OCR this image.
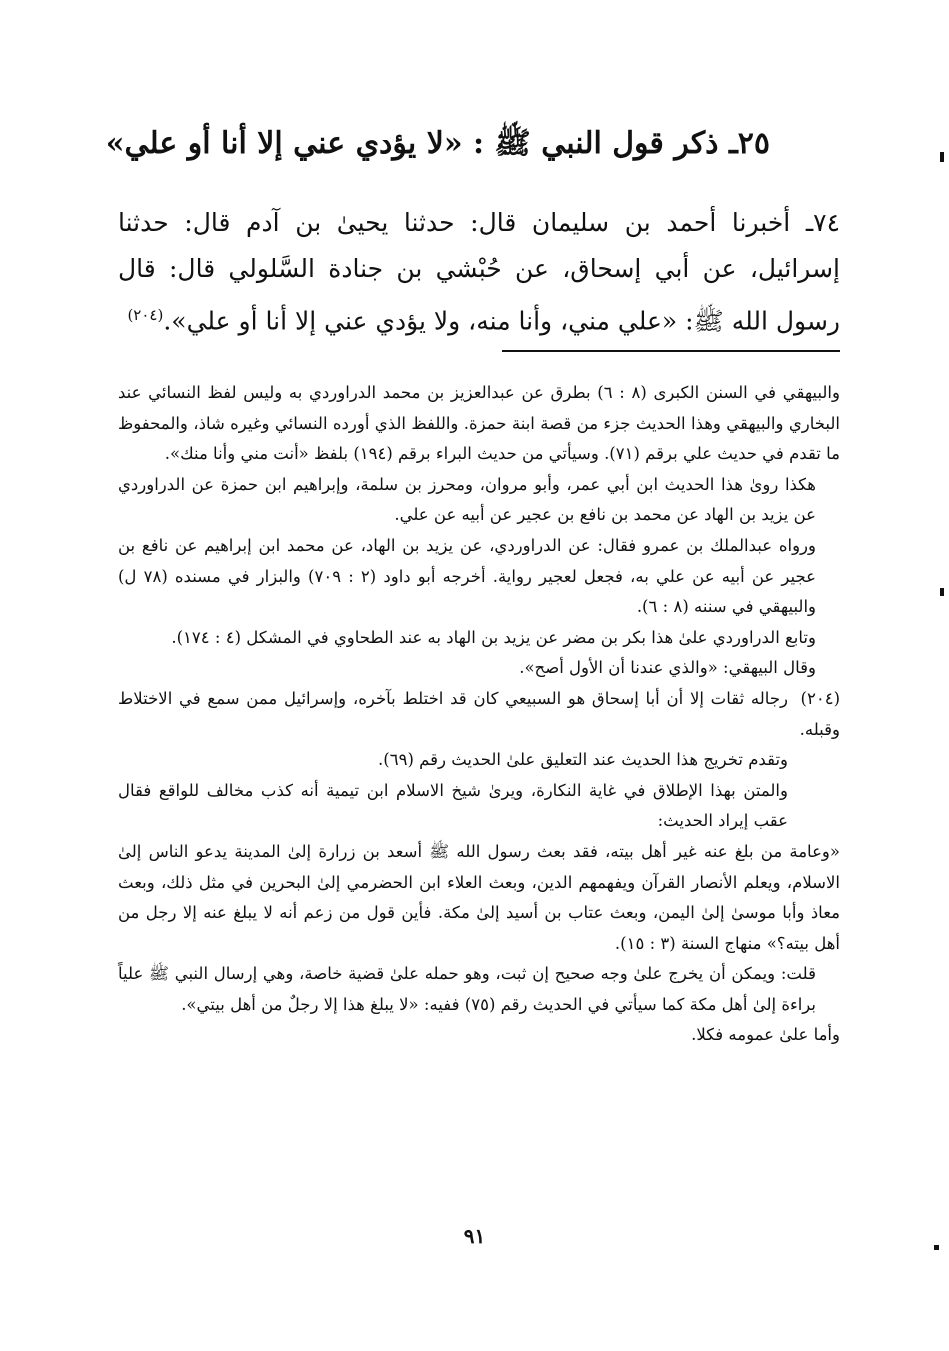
٢٥ـ ذكر قول النبي ﷺ : «لا يؤدي عني إلا أنا أو علي»

٧٤ـ أخبرنا أحمد بن سليمان قال: حدثنا يحيىٰ بن آدم قال: حدثنا إسرائيل، عن أبي إسحاق، عن حُبْشي بن جنادة السَّلولي قال: قال رسول الله ﷺ: «علي مني، وأنا منه، ولا يؤدي عني إلا أنا أو علي».$^{(٢٠٤)}$

والبيهقي في السنن الكبرى (٨ : ٦) بطرق عن عبدالعزيز بن محمد الدراوردي به وليس لفظ النسائي عند البخاري والبيهقي وهذا الحديث جزء من قصة ابنة حمزة. واللفظ الذي أورده النسائي وغيره شاذ، والمحفوظ ما تقدم في حديث علي برقم (٧١). وسيأتي من حديث البراء برقم (١٩٤) بلفظ «أنت مني وأنا منك».

هكذا روىٰ هذا الحديث ابن أبي عمر، وأبو مروان، ومحرز بن سلمة، وإبراهيم ابن حمزة عن الدراوردي عن يزيد بن الهاد عن محمد بن نافع بن عجير عن أبيه عن علي.

ورواه عبدالملك بن عمرو فقال: عن الدراوردي، عن يزيد بن الهاد، عن محمد ابن إبراهيم عن نافع بن عجير عن أبيه عن علي به، فجعل لعجير رواية. أخرجه أبو داود (٢ : ٧٠٩) والبزار في مسنده (٧٨ ل) والبيهقي في سننه (٨ : ٦).

وتابع الدراوردي علىٰ هذا بكر بن مضر عن يزيد بن الهاد به عند الطحاوي في المشكل (٤ : ١٧٤).

وقال البيهقي: «والذي عندنا أن الأول أصح».

(٢٠٤)رجاله ثقات إلا أن أبا إسحاق هو السبيعي كان قد اختلط بآخره، وإسرائيل ممن سمع في الاختلاط وقبله.

وتقدم تخريج هذا الحديث عند التعليق علىٰ الحديث رقم (٦٩).

والمتن بهذا الإطلاق في غاية النكارة، ويرىٰ شيخ الاسلام ابن تيمية أنه كذب مخالف للواقع فقال عقب إيراد الحديث:

«وعامة من بلغ عنه غير أهل بيته، فقد بعث رسول الله ﷺ أسعد بن زرارة إلىٰ المدينة يدعو الناس إلىٰ الاسلام، ويعلم الأنصار القرآن ويفهمهم الدين، وبعث العلاء ابن الحضرمي إلىٰ البحرين في مثل ذلك، وبعث معاذ وأبا موسىٰ إلىٰ اليمن، وبعث عتاب بن أسيد إلىٰ مكة. فأين قول من زعم أنه لا يبلغ عنه إلا رجل من أهل بيته؟» منهاج السنة (٣ : ١٥).

قلت: ويمكن أن يخرج علىٰ وجه صحيح إن ثبت، وهو حمله علىٰ قضية خاصة، وهي إرسال النبي ﷺ علياً براءة إلىٰ أهل مكة كما سيأتي في الحديث رقم (٧٥) ففيه: «لا يبلغ هذا إلا رجلٌ من أهل بيتي».

وأما علىٰ عمومه فكلا.

٩١
